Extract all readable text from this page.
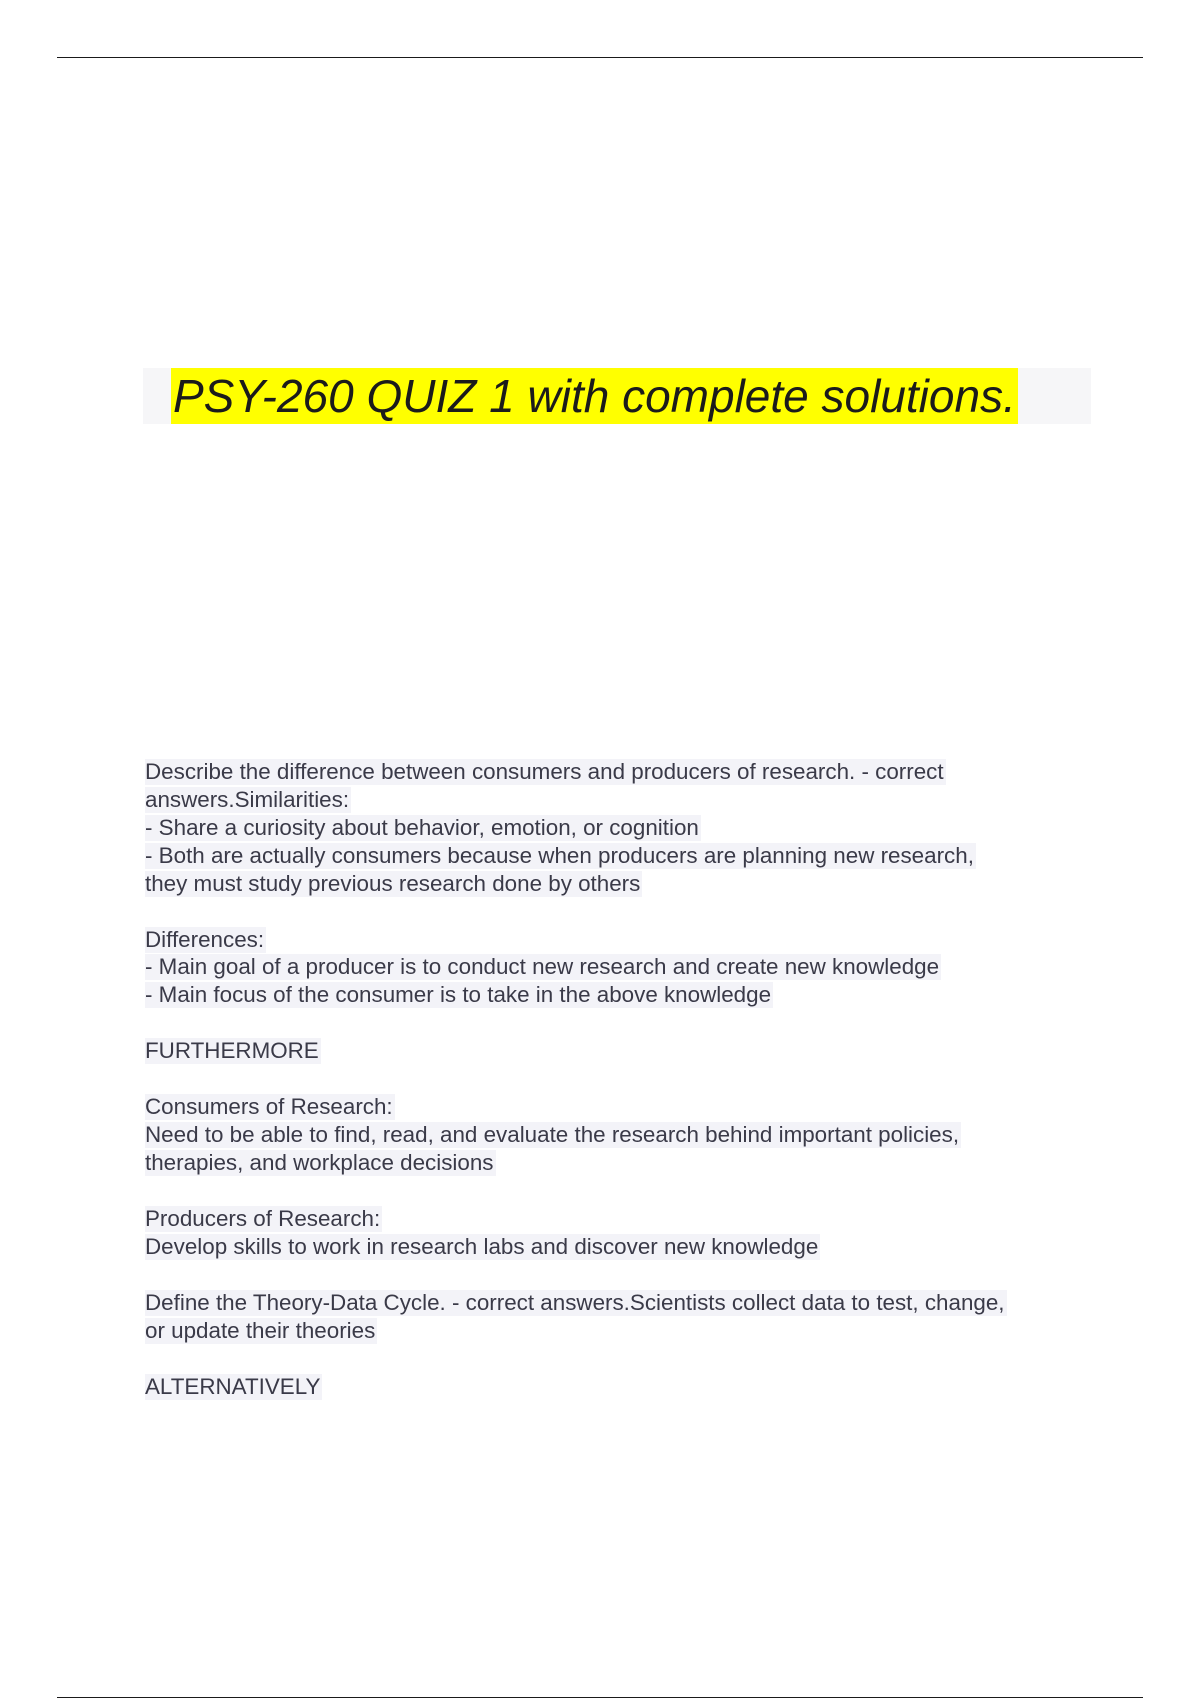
PSY-260 QUIZ 1 with complete solutions.
Describe the difference between consumers and producers of research. - correct
answers.Similarities:
- Share a curiosity about behavior, emotion, or cognition
- Both are actually consumers because when producers are planning new research,
they must study previous research done by others
Differences:
- Main goal of a producer is to conduct new research and create new knowledge
- Main focus of the consumer is to take in the above knowledge
FURTHERMORE
Consumers of Research:
Need to be able to find, read, and evaluate the research behind important policies,
therapies, and workplace decisions
Producers of Research:
Develop skills to work in research labs and discover new knowledge
Define the Theory-Data Cycle. - correct answers.Scientists collect data to test, change,
or update their theories
ALTERNATIVELY
